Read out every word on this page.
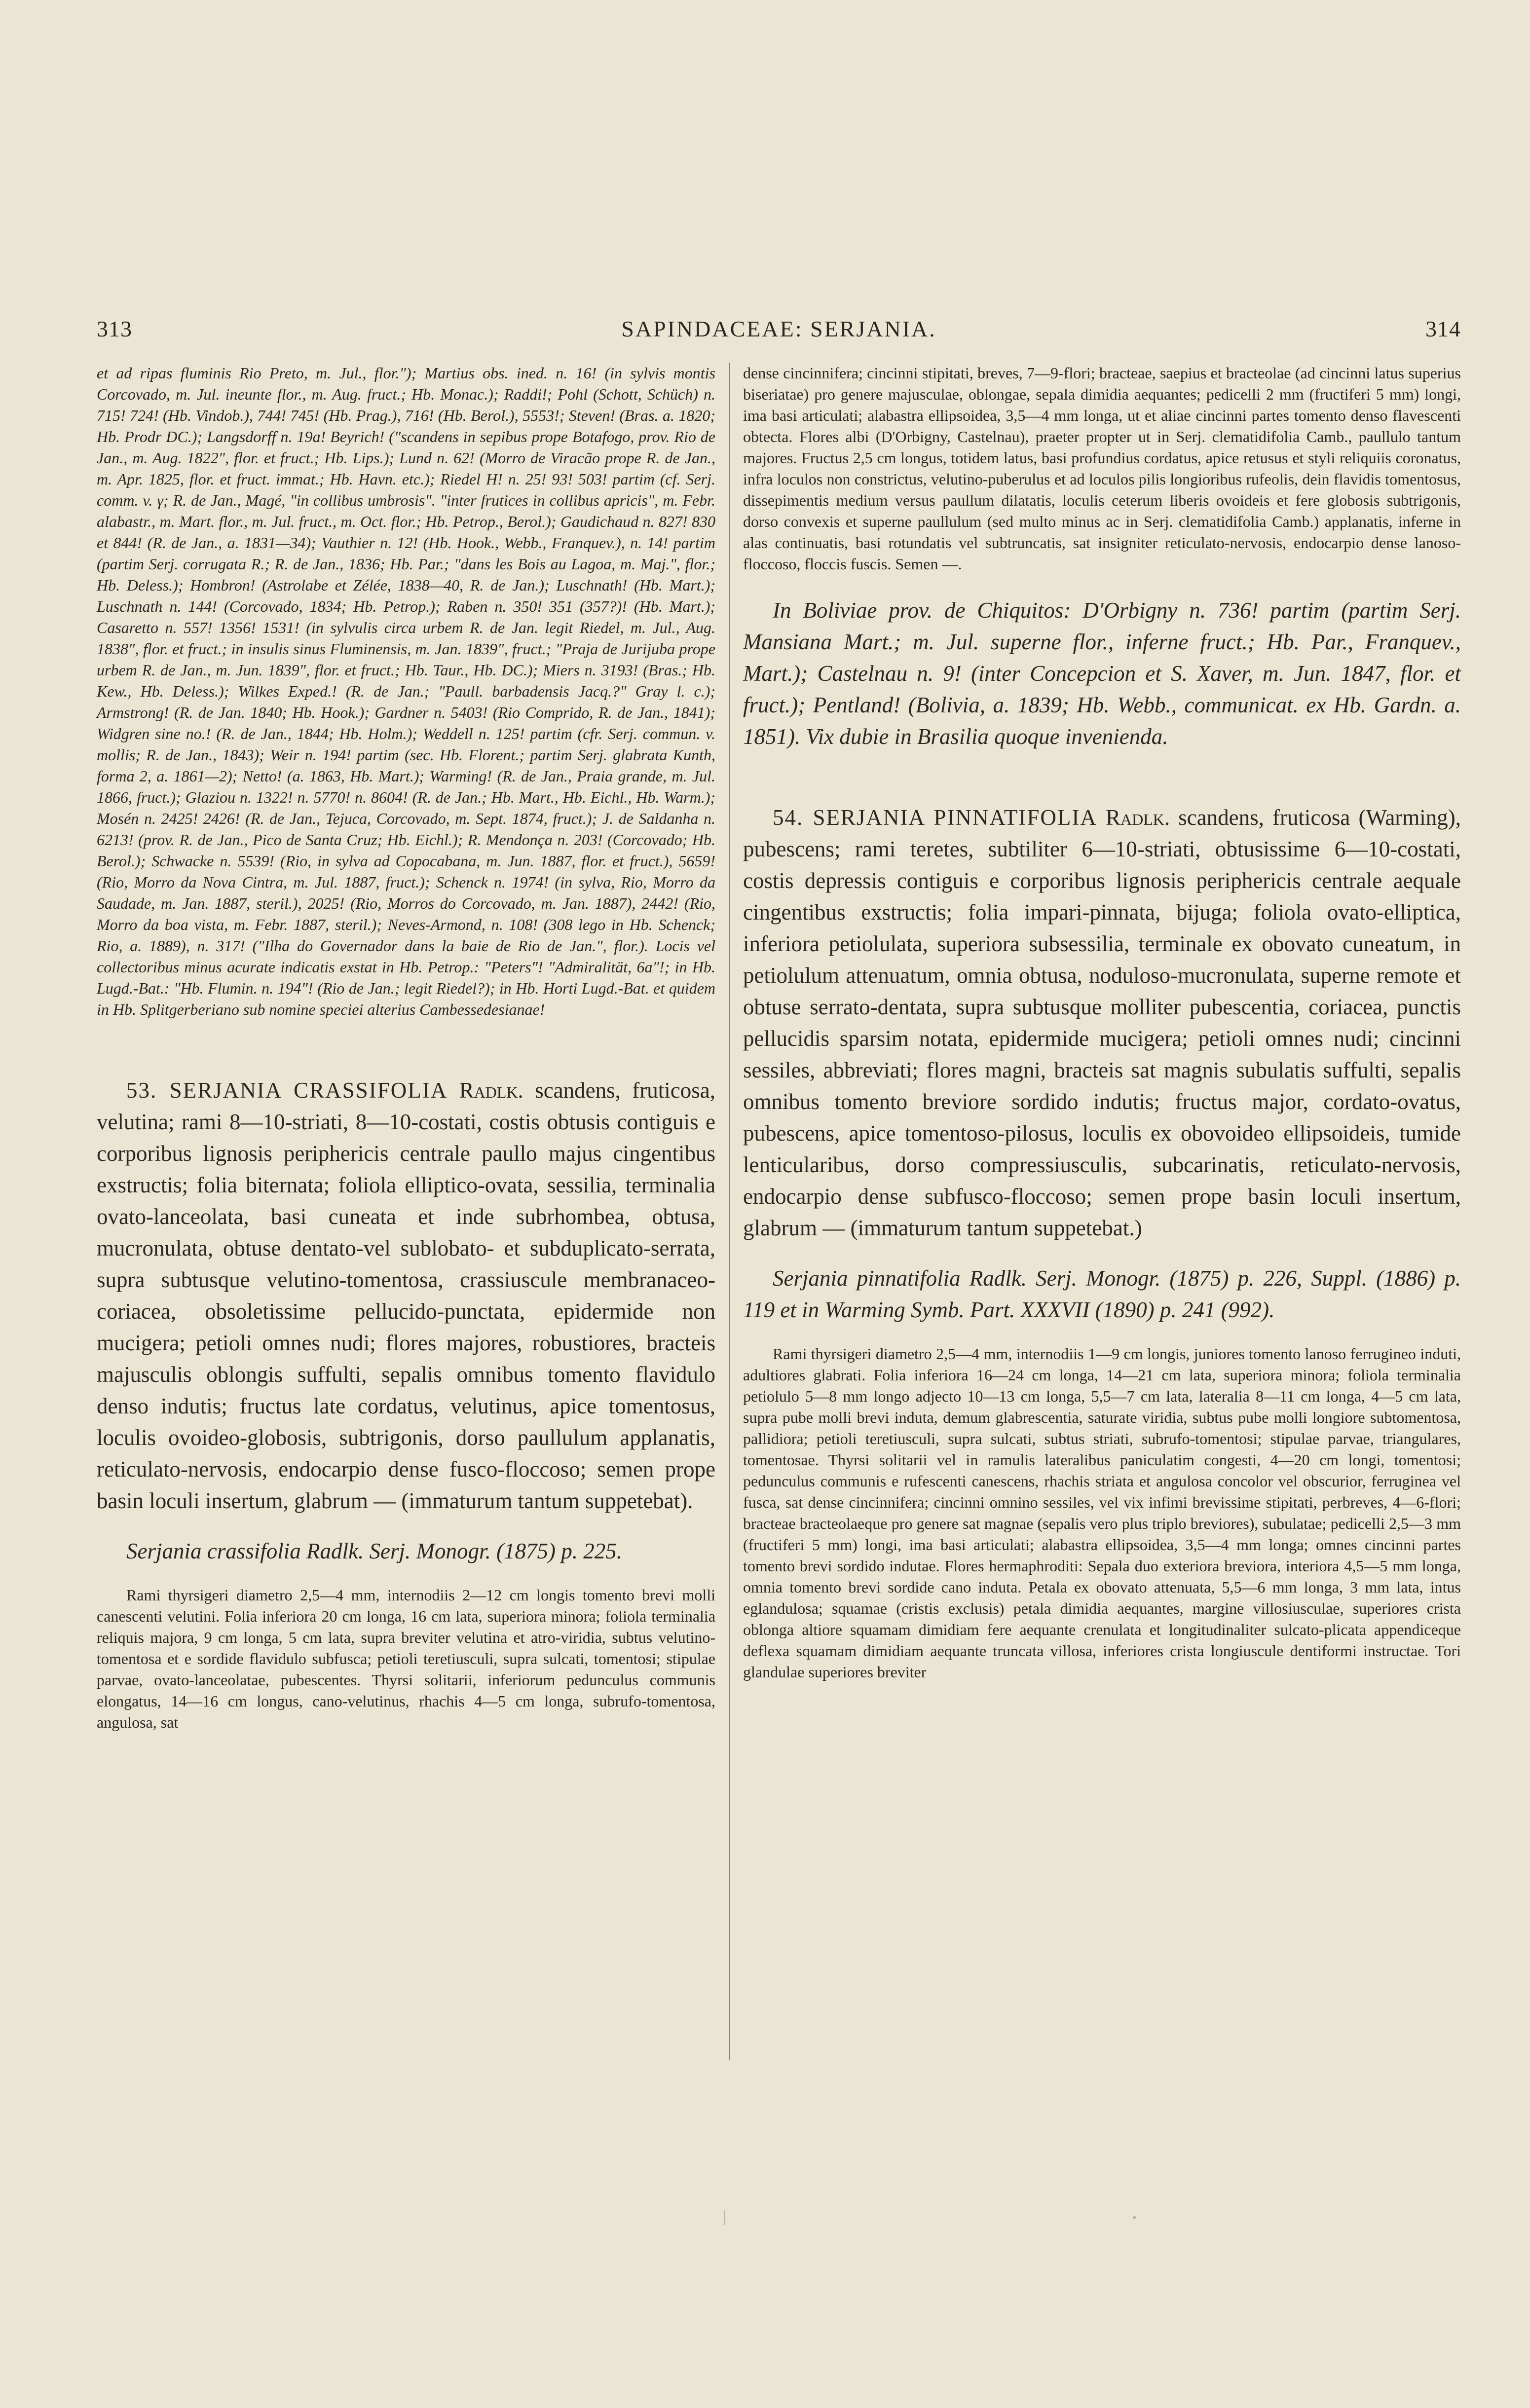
313	SAPINDACEAE: SERJANIA.	314

et ad ripas fluminis Rio Preto, m. Jul., flor."); Martius obs. ined. n. 16! (in sylvis montis Corcovado, m. Jul. ineunte flor., m. Aug. fruct.; Hb. Monac.); Raddi!; Pohl (Schott, Schüch) n. 715! 724! (Hb. Vindob.), 744! 745! (Hb. Prag.), 716! (Hb. Berol.), 5553!; Steven! (Bras. a. 1820; Hb. Prodr DC.); Langsdorff n. 19a! Beyrich! ("scandens in sepibus prope Botafogo, prov. Rio de Jan., m. Aug. 1822", flor. et fruct.; Hb. Lips.); Lund n. 62! (Morro de Viracão prope R. de Jan., m. Apr. 1825, flor. et fruct. immat.; Hb. Havn. etc.); Riedel H! n. 25! 93! 503! partim (cf. Serj. comm. v. γ; R. de Jan., Magé, "in collibus umbrosis". "inter frutices in collibus apricis", m. Febr. alabastr., m. Mart. flor., m. Jul. fruct., m. Oct. flor.; Hb. Petrop., Berol.); Gaudichaud n. 827! 830 et 844! (R. de Jan., a. 1831—34); Vauthier n. 12! (Hb. Hook., Webb., Franquev.), n. 14! partim (partim Serj. corrugata R.; R. de Jan., 1836; Hb. Par.; "dans les Bois au Lagoa, m. Maj.", flor.; Hb. Deless.); Hombron! (Astrolabe et Zélée, 1838—40, R. de Jan.); Luschnath! (Hb. Mart.); Luschnath n. 144! (Corcovado, 1834; Hb. Petrop.); Raben n. 350! 351 (357?)! (Hb. Mart.); Casaretto n. 557! 1356! 1531! (in sylvulis circa urbem R. de Jan. legit Riedel, m. Jul., Aug. 1838", flor. et fruct.; in insulis sinus Fluminensis, m. Jan. 1839", fruct.; "Praja de Jurijuba prope urbem R. de Jan., m. Jun. 1839", flor. et fruct.; Hb. Taur., Hb. DC.); Miers n. 3193! (Bras.; Hb. Kew., Hb. Deless.); Wilkes Exped.! (R. de Jan.; "Paull. barbadensis Jacq.?" Gray l. c.); Armstrong! (R. de Jan. 1840; Hb. Hook.); Gardner n. 5403! (Rio Comprido, R. de Jan., 1841); Widgren sine no.! (R. de Jan., 1844; Hb. Holm.); Weddell n. 125! partim (cfr. Serj. commun. v. mollis; R. de Jan., 1843); Weir n. 194! partim (sec. Hb. Florent.; partim Serj. glabrata Kunth, forma 2, a. 1861—2); Netto! (a. 1863, Hb. Mart.); Warming! (R. de Jan., Praia grande, m. Jul. 1866, fruct.); Glaziou n. 1322! n. 5770! n. 8604! (R. de Jan.; Hb. Mart., Hb. Eichl., Hb. Warm.); Mosén n. 2425! 2426! (R. de Jan., Tejuca, Corcovado, m. Sept. 1874, fruct.); J. de Saldanha n. 6213! (prov. R. de Jan., Pico de Santa Cruz; Hb. Eichl.); R. Mendonça n. 203! (Corcovado; Hb. Berol.); Schwacke n. 5539! (Rio, in sylva ad Copocabana, m. Jun. 1887, flor. et fruct.), 5659! (Rio, Morro da Nova Cintra, m. Jul. 1887, fruct.); Schenck n. 1974! (in sylva, Rio, Morro da Saudade, m. Jan. 1887, steril.), 2025! (Rio, Morros do Corcovado, m. Jan. 1887), 2442! (Rio, Morro da boa vista, m. Febr. 1887, steril.); Neves-Armond, n. 108! (308 lego in Hb. Schenck; Rio, a. 1889), n. 317! ("Ilha do Governador dans la baie de Rio de Jan.", flor.). Locis vel collectoribus minus acurate indicatis exstat in Hb. Petrop.: "Peters"! "Admiralität, 6a"!; in Hb. Lugd.-Bat.: "Hb. Flumin. n. 194"! (Rio de Jan.; legit Riedel?); in Hb. Horti Lugd.-Bat. et quidem in Hb. Splitgerberiano sub nomine speciei alterius Cambessedesianae!

53. SERJANIA CRASSIFOLIA Radlk. scandens, fruticosa, velutina; rami 8—10-striati, 8—10-costati, costis obtusis contiguis e corporibus lignosis periphericis centrale paullo majus cingentibus exstructis; folia biternata; foliola elliptico-ovata, sessilia, terminalia ovato-lanceolata, basi cuneata et inde subrhombea, obtusa, mucronulata, obtuse dentato-vel sublobato- et subduplicato-serrata, supra subtusque velutino-tomentosa, crassiuscule membranaceo-coriacea, obsoletissime pellucido-punctata, epidermide non mucigera; petioli omnes nudi; flores majores, robustiores, bracteis majusculis oblongis suffulti, sepalis omnibus tomento flavidulo denso indutis; fructus late cordatus, velutinus, apice tomentosus, loculis ovoideo-globosis, subtrigonis, dorso paullulum applanatis, reticulato-nervosis, endocarpio dense fusco-floccoso; semen prope basin loculi insertum, glabrum — (immaturum tantum suppetebat).

Serjania crassifolia Radlk. Serj. Monogr. (1875) p. 225.

Rami thyrsigeri diametro 2,5—4 mm, internodiis 2—12 cm longis tomento brevi molli canescenti velutini. Folia inferiora 20 cm longa, 16 cm lata, superiora minora; foliola terminalia reliquis majora, 9 cm longa, 5 cm lata, supra breviter velutina et atro-viridia, subtus velutino-tomentosa et e sordide flavidulo subfusca; petioli teretiusculi, supra sulcati, tomentosi; stipulae parvae, ovato-lanceolatae, pubescentes. Thyrsi solitarii, inferiorum pedunculus communis elongatus, 14—16 cm longus, cano-velutinus, rhachis 4—5 cm longa, subrufo-tomentosa, angulosa, sat

dense cincinnifera; cincinni stipitati, breves, 7—9-flori; bracteae, saepius et bracteolae (ad cincinni latus superius biseriatae) pro genere majusculae, oblongae, sepala dimidia aequantes; pedicelli 2 mm (fructiferi 5 mm) longi, ima basi articulati; alabastra ellipsoidea, 3,5—4 mm longa, ut et aliae cincinni partes tomento denso flavescenti obtecta. Flores albi (D'Orbigny, Castelnau), praeter propter ut in Serj. clematidifolia Camb., paullulo tantum majores. Fructus 2,5 cm longus, totidem latus, basi profundius cordatus, apice retusus et styli reliquiis coronatus, infra loculos non constrictus, velutino-puberulus et ad loculos pilis longioribus rufeolis, dein flavidis tomentosus, dissepimentis medium versus paullum dilatatis, loculis ceterum liberis ovoideis et fere globosis subtrigonis, dorso convexis et superne paullulum (sed multo minus ac in Serj. clematidifolia Camb.) applanatis, inferne in alas continuatis, basi rotundatis vel subtruncatis, sat insigniter reticulato-nervosis, endocarpio dense lanoso-floccoso, floccis fuscis. Semen —.

In Boliviae prov. de Chiquitos: D'Orbigny n. 736! partim (partim Serj. Mansiana Mart.; m. Jul. superne flor., inferne fruct.; Hb. Par., Franquev., Mart.); Castelnau n. 9! (inter Concepcion et S. Xaver, m. Jun. 1847, flor. et fruct.); Pentland! (Bolivia, a. 1839; Hb. Webb., communicat. ex Hb. Gardn. a. 1851). Vix dubie in Brasilia quoque invenienda.

54. SERJANIA PINNATIFOLIA Radlk. scandens, fruticosa (Warming), pubescens; rami teretes, subtiliter 6—10-striati, obtusissime 6—10-costati, costis depressis contiguis e corporibus lignosis periphericis centrale aequale cingentibus exstructis; folia impari-pinnata, bijuga; foliola ovato-elliptica, inferiora petiolulata, superiora subsessilia, terminale ex obovato cuneatum, in petiolulum attenuatum, omnia obtusa, noduloso-mucronulata, superne remote et obtuse serrato-dentata, supra subtusque molliter pubescentia, coriacea, punctis pellucidis sparsim notata, epidermide mucigera; petioli omnes nudi; cincinni sessiles, abbreviati; flores magni, bracteis sat magnis subulatis suffulti, sepalis omnibus tomento breviore sordido indutis; fructus major, cordato-ovatus, pubescens, apice tomentoso-pilosus, loculis ex obovoideo ellipsoideis, tumide lenticularibus, dorso compressiusculis, subcarinatis, reticulato-nervosis, endocarpio dense subfusco-floccoso; semen prope basin loculi insertum, glabrum — (immaturum tantum suppetebat.)

Serjania pinnatifolia Radlk. Serj. Monogr. (1875) p. 226, Suppl. (1886) p. 119 et in Warming Symb. Part. XXXVII (1890) p. 241 (992).

Rami thyrsigeri diametro 2,5—4 mm, internodiis 1—9 cm longis, juniores tomento lanoso ferrugineo induti, adultiores glabrati. Folia inferiora 16—24 cm longa, 14—21 cm lata, superiora minora; foliola terminalia petiolulo 5—8 mm longo adjecto 10—13 cm longa, 5,5—7 cm lata, lateralia 8—11 cm longa, 4—5 cm lata, supra pube molli brevi induta, demum glabrescentia, saturate viridia, subtus pube molli longiore subtomentosa, pallidiora; petioli teretiusculi, supra sulcati, subtus striati, subrufo-tomentosi; stipulae parvae, triangulares, tomentosae. Thyrsi solitarii vel in ramulis lateralibus paniculatim congesti, 4—20 cm longi, tomentosi; pedunculus communis e rufescenti canescens, rhachis striata et angulosa concolor vel obscurior, ferruginea vel fusca, sat dense cincinnifera; cincinni omnino sessiles, vel vix infimi brevissime stipitati, perbreves, 4—6-flori; bracteae bracteolaeque pro genere sat magnae (sepalis vero plus triplo breviores), subulatae; pedicelli 2,5—3 mm (fructiferi 5 mm) longi, ima basi articulati; alabastra ellipsoidea, 3,5—4 mm longa; omnes cincinni partes tomento brevi sordido indutae. Flores hermaphroditi: Sepala duo exteriora breviora, interiora 4,5—5 mm longa, omnia tomento brevi sordide cano induta. Petala ex obovato attenuata, 5,5—6 mm longa, 3 mm lata, intus eglandulosa; squamae (cristis exclusis) petala dimidia aequantes, margine villosiusculae, superiores crista oblonga altiore squamam dimidiam fere aequante crenulata et longitudinaliter sulcato-plicata appendiceque deflexa squamam dimidiam aequante truncata villosa, inferiores crista longiuscule dentiformi instructae. Tori glandulae superiores breviter
